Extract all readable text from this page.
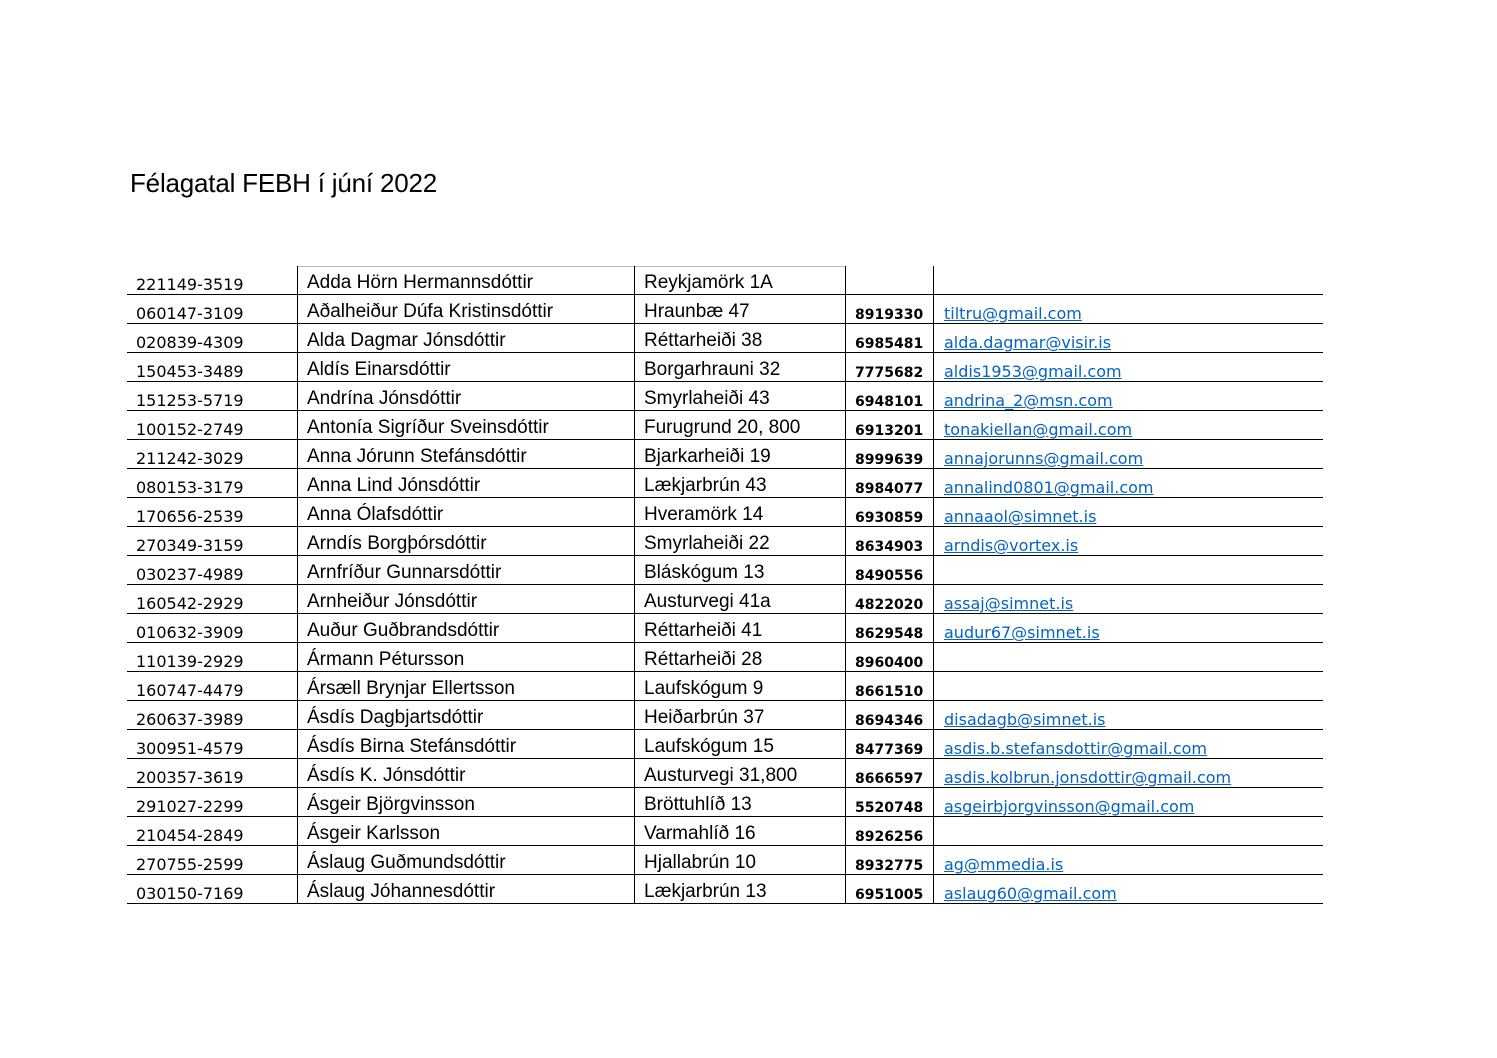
Félagatal FEBH í júní 2022
221149-3519	Adda Hörn Hermannsdóttir	Reykjamörk 1A
060147-3109	Aðalheiður Dúfa Kristinsdóttir	Hraunbæ 47	8919330	tiltru@gmail.com
020839-4309	Alda Dagmar Jónsdóttir	Réttarheiði 38	6985481	alda.dagmar@visir.is
150453-3489	Aldís Einarsdóttir	Borgarhrauni 32	7775682	aldis1953@gmail.com
151253-5719	Andrína Jónsdóttir	Smyrlaheiði 43	6948101	andrina_2@msn.com
100152-2749	Antonía Sigríður Sveinsdóttir	Furugrund 20, 800	6913201	tonakiellan@gmail.com
211242-3029	Anna Jórunn Stefánsdóttir	Bjarkarheiði 19	8999639	annajorunns@gmail.com
080153-3179	Anna Lind Jónsdóttir	Lækjarbrún 43	8984077	annalind0801@gmail.com
170656-2539	Anna Ólafsdóttir	Hveramörk 14	6930859	annaaol@simnet.is
270349-3159	Arndís Borgþórsdóttir	Smyrlaheiði 22	8634903	arndis@vortex.is
030237-4989	Arnfríður Gunnarsdóttir	Bláskógum 13	8490556
160542-2929	Arnheiður Jónsdóttir	Austurvegi 41a	4822020	assaj@simnet.is
010632-3909	Auður Guðbrandsdóttir	Réttarheiði 41	8629548	audur67@simnet.is
110139-2929	Ármann Pétursson	Réttarheiði 28	8960400
160747-4479	Ársæll Brynjar Ellertsson	Laufskógum 9	8661510
260637-3989	Ásdís Dagbjartsdóttir	Heiðarbrún 37	8694346	disadagb@simnet.is
300951-4579	Ásdís Birna Stefánsdóttir	Laufskógum 15	8477369	asdis.b.stefansdottir@gmail.com
200357-3619	Ásdís K. Jónsdóttir	Austurvegi 31,800	8666597	asdis.kolbrun.jonsdottir@gmail.com
291027-2299	Ásgeir Björgvinsson	Bröttuhlíð 13	5520748	asgeirbjorgvinsson@gmail.com
210454-2849	Ásgeir Karlsson	Varmahlíð 16	8926256
270755-2599	Áslaug Guðmundsdóttir	Hjallabrún 10	8932775	ag@mmedia.is
030150-7169	Áslaug Jóhannesdóttir	Lækjarbrún 13	6951005	aslaug60@gmail.com
